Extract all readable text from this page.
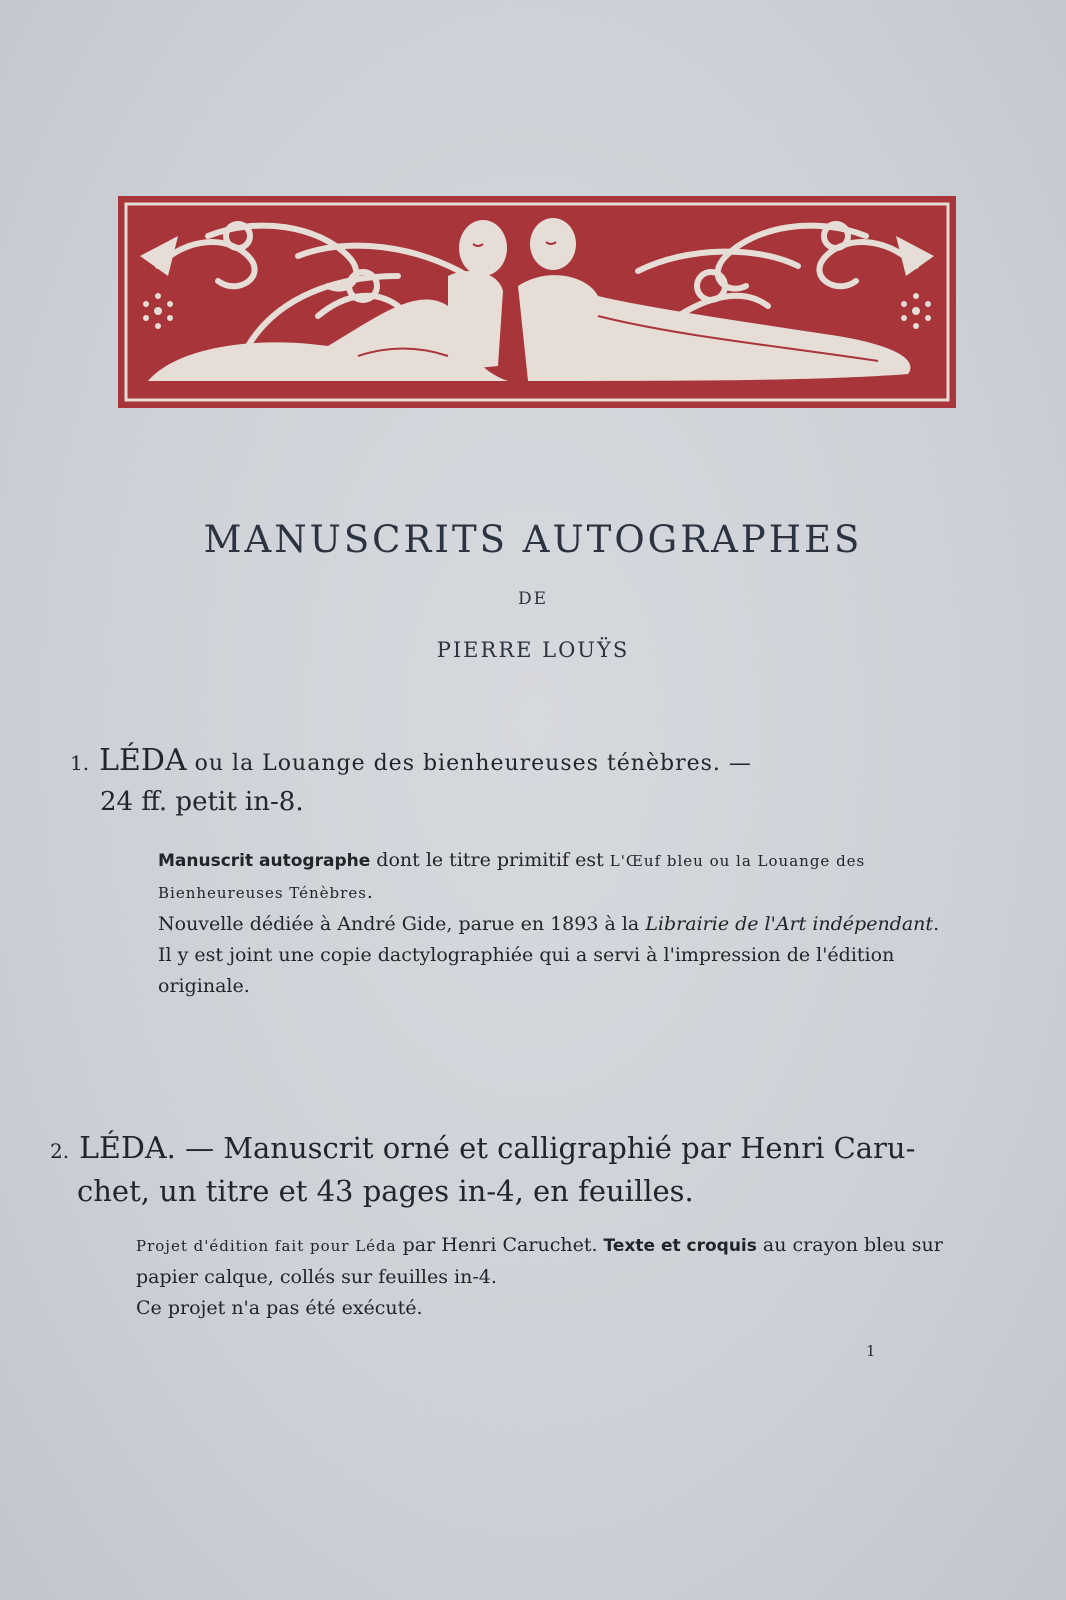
MANUSCRITS AUTOGRAPHES
DE
PIERRE LOUŸS
1. LÉDA ou la Louange des bienheureuses ténèbres. —
24 ff. petit in-8.

Manuscrit autographe dont le titre primitif est L'Œuf bleu ou la Louange des Bienheureuses Ténèbres.

Nouvelle dédiée à André Gide, parue en 1893 à la Librairie de l'Art indépendant.

Il y est joint une copie dactylographiée qui a servi à l'impression de l'édition originale.

2. LÉDA. — Manuscrit orné et calligraphié par Henri Caru-
chet, un titre et 43 pages in-4, en feuilles.

Projet d'édition fait pour Léda par Henri Caruchet. Texte et croquis au crayon bleu sur papier calque, collés sur feuilles in-4.

Ce projet n'a pas été exécuté.

1
